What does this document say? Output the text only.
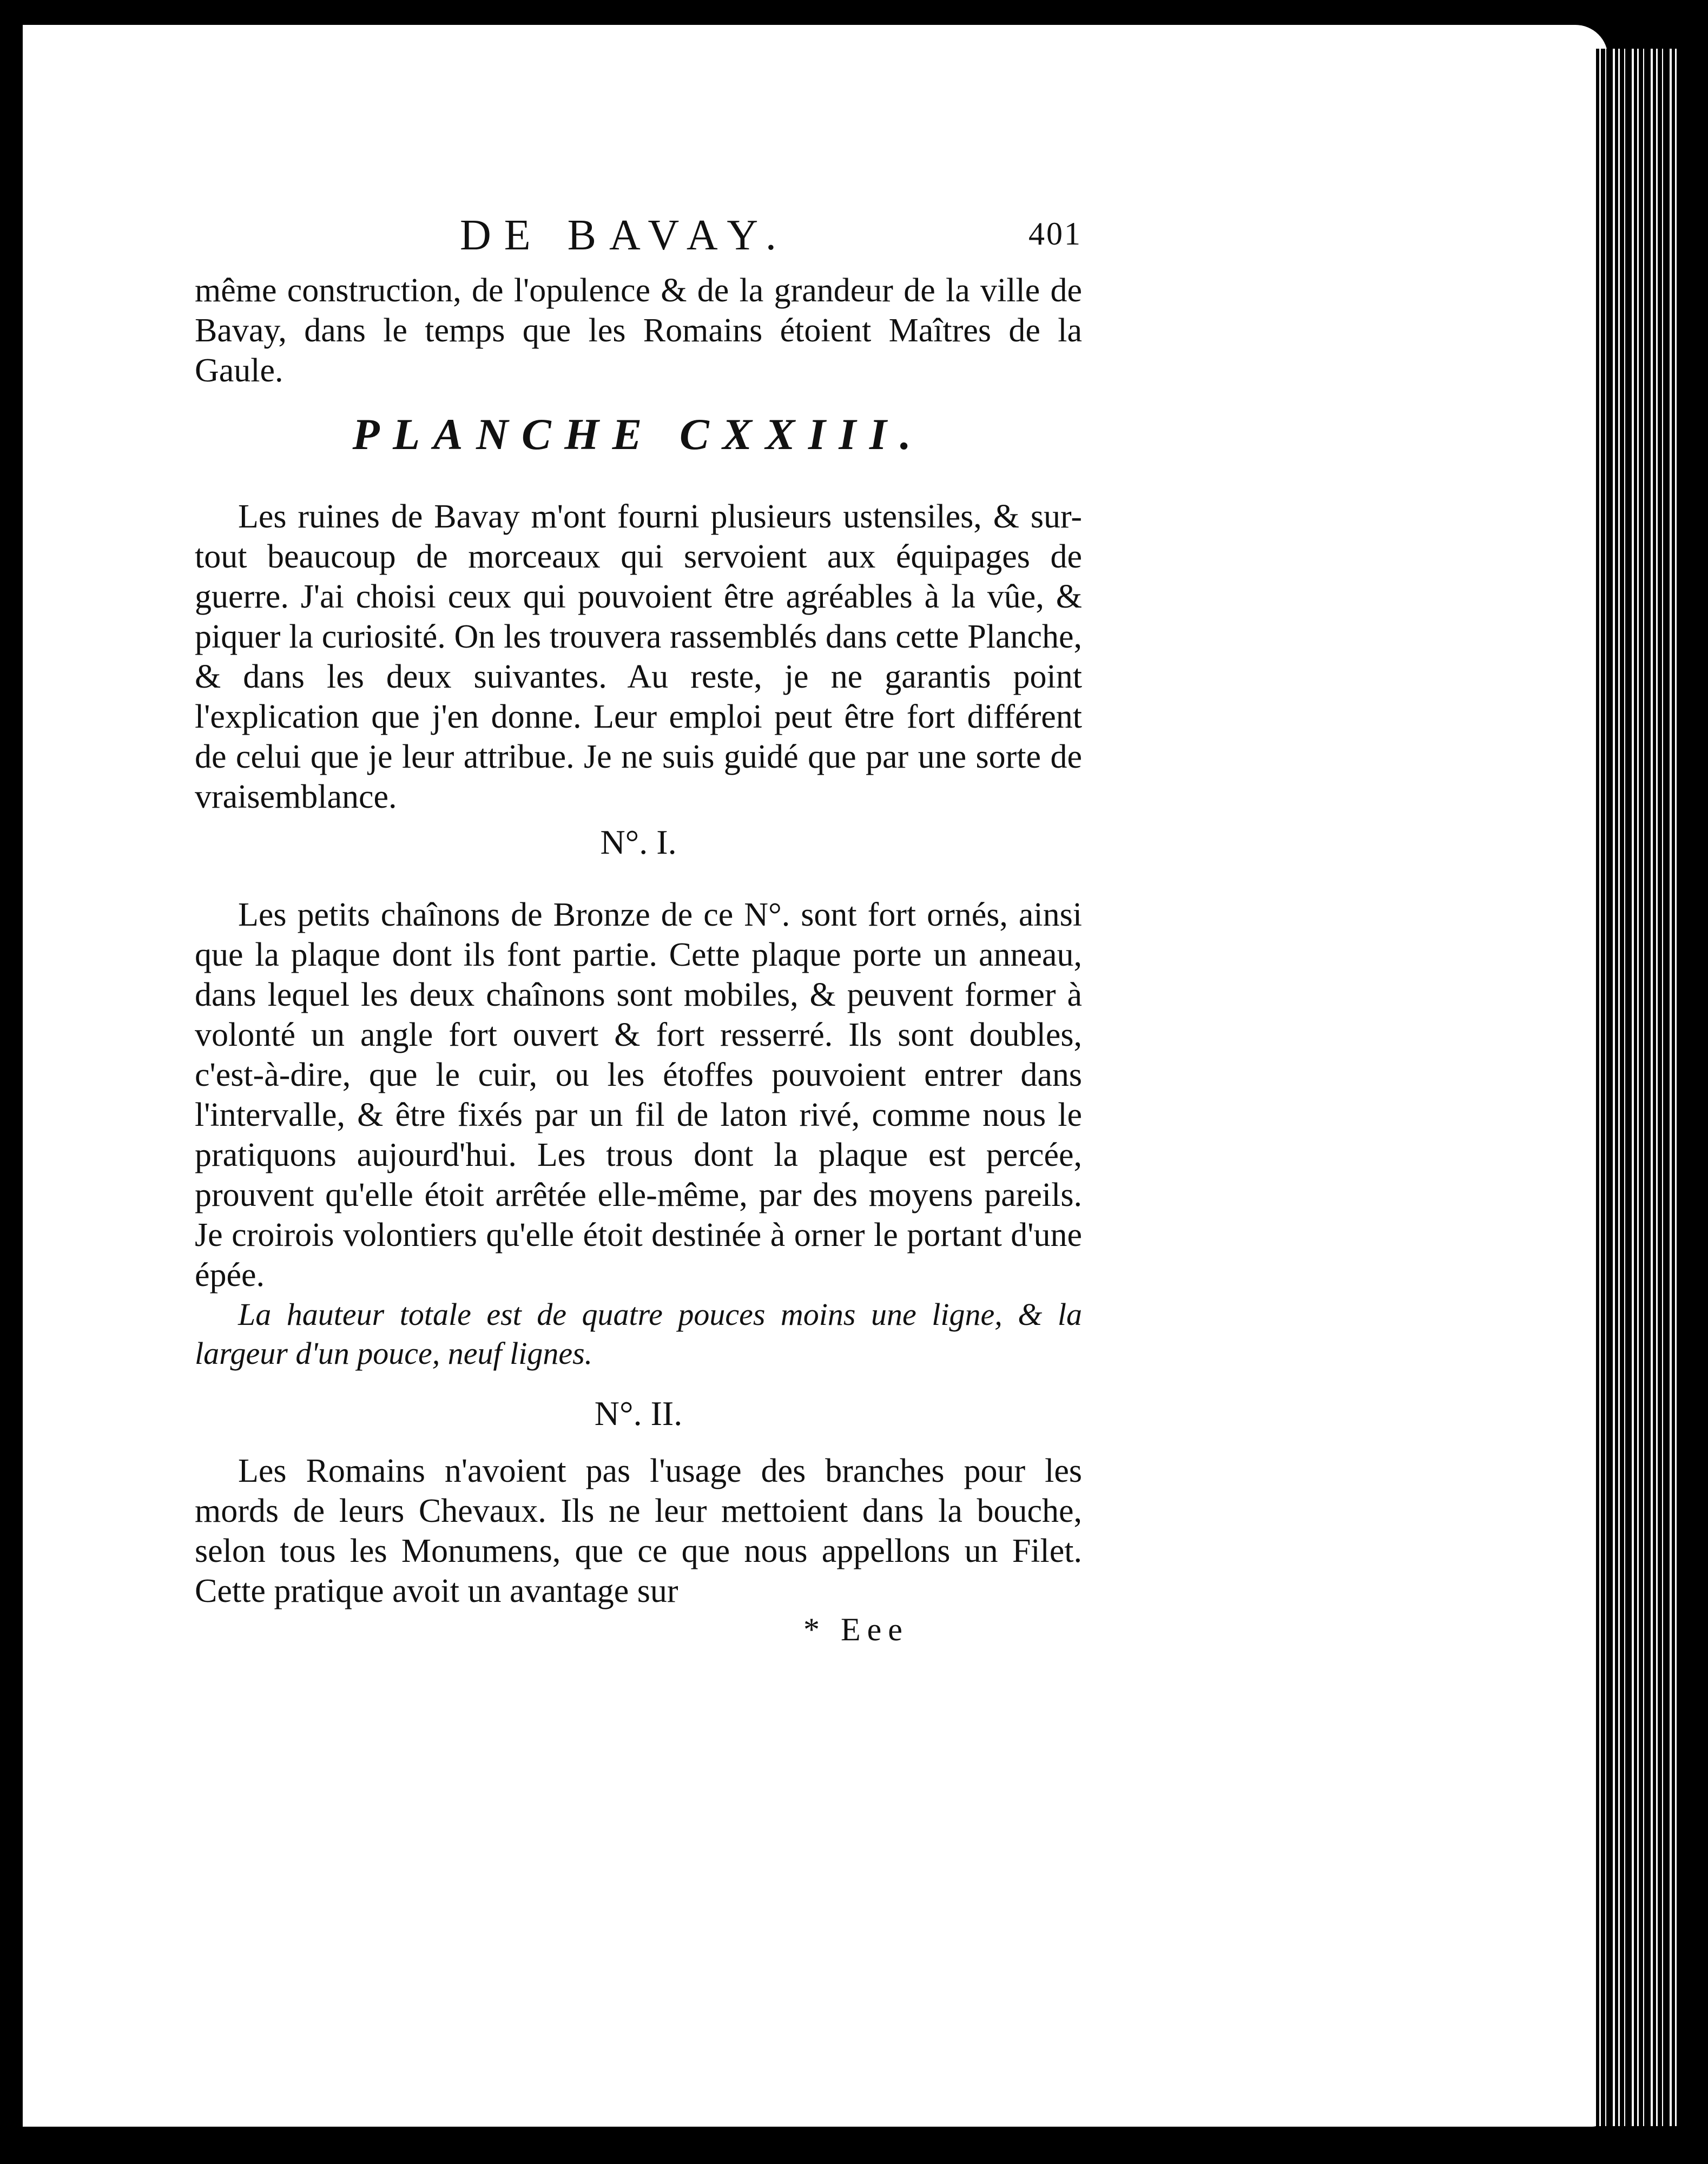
DE BAVAY.	401

même construction, de l'opulence & de la grandeur de la ville de Bavay, dans le temps que les Romains étoient Maîtres de la Gaule.

PLANCHE CXXIII.

Les ruines de Bavay m'ont fourni plusieurs ustensiles, & sur-tout beaucoup de morceaux qui servoient aux équipages de guerre. J'ai choisi ceux qui pouvoient être agréables à la vûe, & piquer la curiosité. On les trouvera rassemblés dans cette Planche, & dans les deux suivantes. Au reste, je ne garantis point l'explication que j'en donne. Leur emploi peut être fort différent de celui que je leur attribue. Je ne suis guidé que par une sorte de vraisemblance.

N°. I.

Les petits chaînons de Bronze de ce N°. sont fort ornés, ainsi que la plaque dont ils font partie. Cette plaque porte un anneau, dans lequel les deux chaînons sont mobiles, & peuvent former à volonté un angle fort ouvert & fort resserré. Ils sont doubles, c'est-à-dire, que le cuir, ou les étoffes pouvoient entrer dans l'intervalle, & être fixés par un fil de laton rivé, comme nous le pratiquons aujourd'hui. Les trous dont la plaque est percée, prouvent qu'elle étoit arrêtée elle-même, par des moyens pareils. Je croirois volontiers qu'elle étoit destinée à orner le portant d'une épée.

La hauteur totale est de quatre pouces moins une ligne, & la largeur d'un pouce, neuf lignes.

N°. II.

Les Romains n'avoient pas l'usage des branches pour les mords de leurs Chevaux. Ils ne leur mettoient dans la bouche, selon tous les Monumens, que ce que nous appellons un Filet. Cette pratique avoit un avantage sur

* Eee
